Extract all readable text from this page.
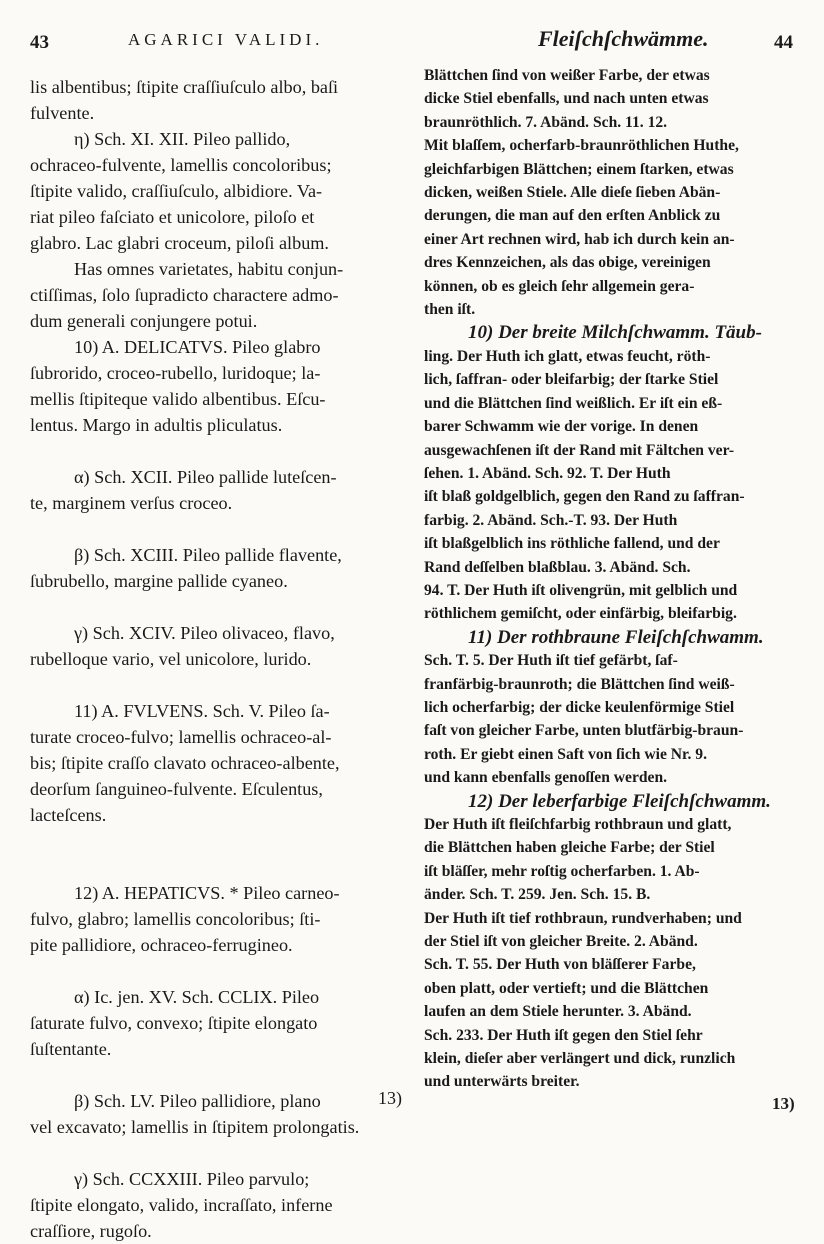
43	AGARICI VALIDI.
lis albentibus; ſtipite craſſiuſculo albo, baſi
fulvente.
η) Sch. XI. XII. Pileo pallido,
ochraceo-fulvente, lamellis concoloribus;
ſtipite valido, craſſiuſculo, albidiore. Va-
riat pileo faſciato et unicolore, piloſo et
glabro. Lac glabri croceum, piloſi album.
Has omnes varietates, habitu conjun-
ctiſſimas, ſolo ſupradicto charactere admo-
dum generali conjungere potui.
10) A. DELICATVS. Pileo glabro
ſubrorido, croceo-rubello, luridoque; la-
mellis ſtipiteque valido albentibus. Eſcu-
lentus. Margo in adultis pliculatus.

α) Sch. XCII. Pileo pallide luteſcen-
te, marginem verſus croceo.

β) Sch. XCIII. Pileo pallide flavente,
ſubrubello, margine pallide cyaneo.

γ) Sch. XCIV. Pileo olivaceo, flavo,
rubelloque vario, vel unicolore, lurido.

11) A. FVLVENS. Sch. V. Pileo ſa-
turate croceo-fulvo; lamellis ochraceo-al-
bis; ſtipite craſſo clavato ochraceo-albente,
deorſum ſanguineo-fulvente. Eſculentus,
lacteſcens.

12) A. HEPATICVS. * Pileo carneo-
fulvo, glabro; lamellis concoloribus; ſti-
pite pallidiore, ochraceo-ferrugineo.

α) Ic. jen. XV. Sch. CCLIX. Pileo
ſaturate fulvo, convexo; ſtipite elongato
ſuſtentante.

β) Sch. LV. Pileo pallidiore, plano
vel excavato; lamellis in ſtipitem prolongatis.

γ) Sch. CCXXIII. Pileo parvulo;
ſtipite elongato, valido, incraſſato, inferne
craſſiore, rugoſo.
13)
Fleiſchſchwämme.	44
Blättchen ſind von weißer Farbe, der etwas
dicke Stiel ebenfalls, und nach unten etwas
braunröthlich. 7. Abänd. Sch. 11. 12.
Mit blaſſem, ocherfarb-braunröthlichen Huthe,
gleichfarbigen Blättchen; einem ſtarken, etwas
dicken, weißen Stiele. Alle dieſe ſieben Abän-
derungen, die man auf den erſten Anblick zu
einer Art rechnen wird, hab ich durch kein an-
dres Kennzeichen, als das obige, vereinigen
können, ob es gleich ſehr allgemein gera-
then iſt.
10) Der breite Milchſchwamm. Täub-
ling. Der Huth ich glatt, etwas feucht, röth-
lich, ſaffran- oder bleifarbig; der ſtarke Stiel
und die Blättchen ſind weißlich. Er iſt ein eß-
barer Schwamm wie der vorige. In denen
ausgewachſenen iſt der Rand mit Fältchen ver-
ſehen. 1. Abänd. Sch. 92. T. Der Huth
iſt blaß goldgelblich, gegen den Rand zu ſaffran-
farbig. 2. Abänd. Sch.-T. 93. Der Huth
iſt blaßgelblich ins röthliche fallend, und der
Rand deſſelben blaßblau. 3. Abänd. Sch.
94. T. Der Huth iſt olivengrün, mit gelblich und
röthlichem gemiſcht, oder einfärbig, bleifarbig.
11) Der rothbraune Fleiſchſchwamm.
Sch. T. 5. Der Huth iſt tief gefärbt, ſaf-
franfärbig-braunroth; die Blättchen ſind weiß-
lich ocherfarbig; der dicke keulenförmige Stiel
faſt von gleicher Farbe, unten blutfärbig-braun-
roth. Er giebt einen Saft von ſich wie Nr. 9.
und kann ebenfalls genoſſen werden.
12) Der leberfarbige Fleiſchſchwamm.
Der Huth iſt fleiſchfarbig rothbraun und glatt,
die Blättchen haben gleiche Farbe; der Stiel
iſt bläſſer, mehr roſtig ocherfarben. 1. Ab-
änder. Sch. T. 259. Jen. Sch. 15. B.
Der Huth iſt tief rothbraun, rundverhaben; und
der Stiel iſt von gleicher Breite. 2. Abänd.
Sch. T. 55. Der Huth von bläſſerer Farbe,
oben platt, oder vertieft; und die Blättchen
laufen an dem Stiele herunter. 3. Abänd.
Sch. 233. Der Huth iſt gegen den Stiel ſehr
klein, dieſer aber verlängert und dick, runzlich
und unterwärts breiter.
13)
